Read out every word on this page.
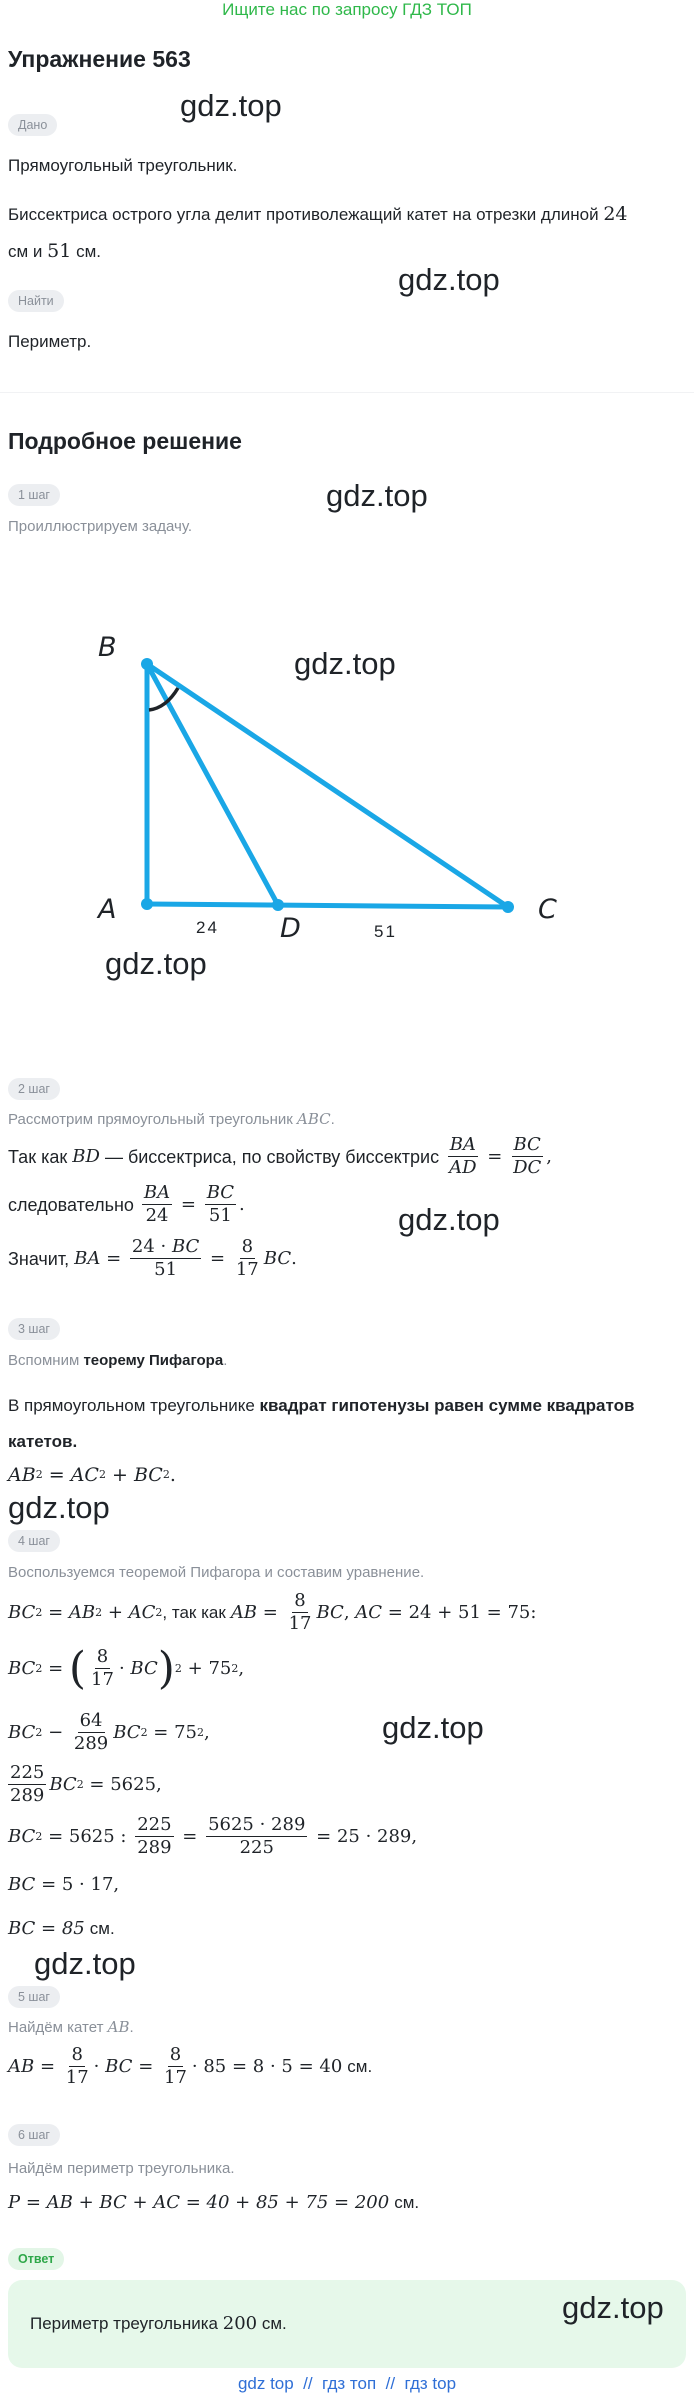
Ищите нас по запросу ГДЗ ТОП
Упражнение 563
Дано
gdz.top
Прямоугольный треугольник.
Биссектриса острого угла делит противолежащий катет на отрезки длиной 24
см и 51 см.
gdz.top
Найти
Периметр.
Подробное решение
1 шаг	gdz.top
Проиллюстрируем задачу.
B
A
D
C
24	51
gdz.top
gdz.top
2 шаг
Рассмотрим прямоугольный треугольник ABC.
Так как
BD
— биссектриса, по свойству биссектрис
$\frac{BA}{AD} = \frac{BC}{DC}$ ,
следовательно
$\frac{BA}{24} = \frac{BC}{51}$ .	gdz.top
Значит,
BA = $\frac{24 \cdot BC}{51} = \frac{8}{17}$ BC .
3 шаг
Вспомним теорему Пифагора.
В прямоугольном треугольнике квадрат гипотенузы равен сумме квадратов
катетов.
AB 2 = AC 2 + BC 2 .
gdz.top
4 шаг
Воспользуемся теоремой Пифагора и составим уравнение.
BC 2 = AB 2 + AC 2 , так как
AB = $\frac{8}{17}$ BC , AC = 24 + 51 = 75:
BC 2 = ( $\frac{8}{17}$ · BC ) 2 + 75 2 ,
BC $2 - \frac{64}{289}$ BC 2 = 75 2 ,	gdz.top
$\frac{225}{289}$ BC 2 = 5625,
BC 2 = 5625 : $\frac{225}{289} = \frac{5625 \cdot 289}{225} = 25 \cdot 289$,
BC = 5 · 17,
BC = 85
см.
gdz.top
5 шаг
Найдём катет AB.
AB = $\frac{8}{17}$ · BC = $\frac{8}{17} \cdot 85 = 8 \cdot 5 = 40$
см.
6 шаг
Найдём периметр треугольника.
P = AB + BC + AC = 40 + 85 + 75 = 200
см.
Ответ
Периметр треугольника 200 см.	gdz.top
gdz top  //  гдз топ  //  гдз top
